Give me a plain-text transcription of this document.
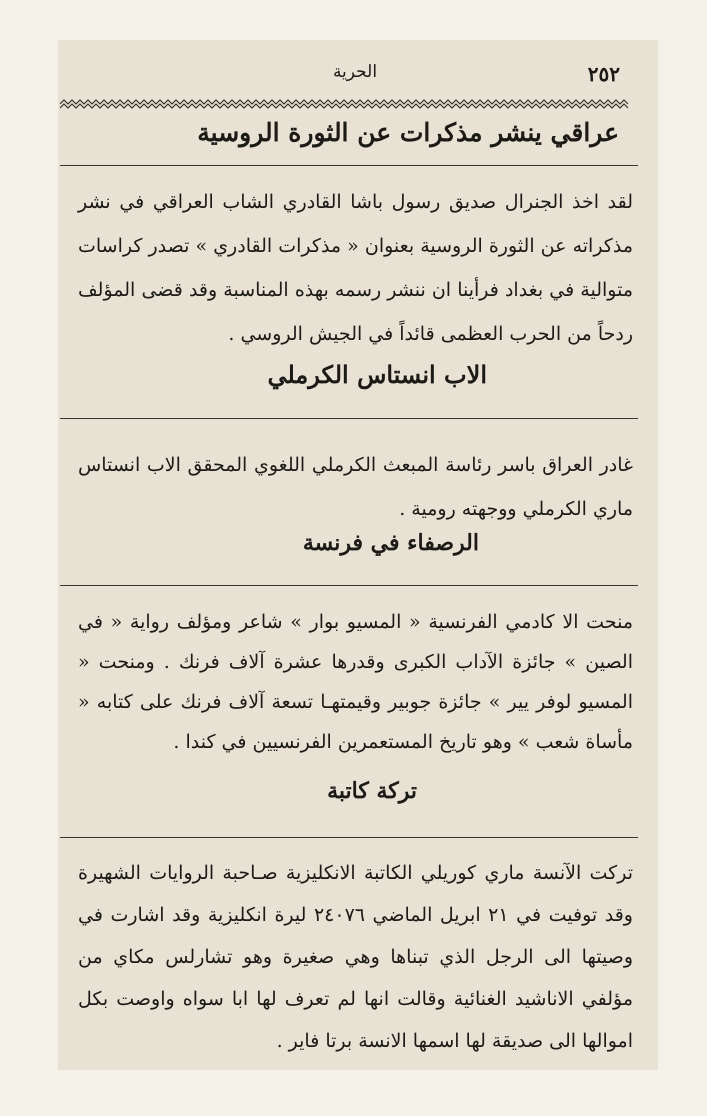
٢٥٢
الحرية
عراقي ينشر مذكرات عن الثورة الروسية
لقد اخذ الجنرال صديق رسول باشا القادري الشاب العراقي في نشر مذكراته عن الثورة الروسية بعنوان « مذكرات القادري » تصدر كراسات متوالية في بغداد فرأينا ان ننشر رسمه بهذه المناسبة وقد قضى المؤلف ردحاً من الحرب العظمى قائداً في الجيش الروسي .
الاب انستاس الكرملي
غادر العراق باسر رئاسة المبعث الكرملي اللغوي المحقق الاب انستاس ماري الكرملي ووجهته رومية .
الرصفاء في فرنسة
منحت الا كادمي الفرنسية « المسيو بوار » شاعر ومؤلف رواية « في الصين » جائزة الآداب الكبرى وقدرها عشرة آلاف فرنك . ومنحت « المسيو لوفر يير » جائزة جوبير وقيمتهـا تسعة آلاف فرنك على كتابه « مأساة شعب » وهو تاريخ المستعمرين الفرنسيين في كندا .
تركة كاتبة
تركت الآنسة ماري كوريلي الكاتبة الانكليزية صـاحبة الروايات الشهيرة وقد توفيت في ٢١ ابريل الماضي ٢٤٠٧٦ ليرة انكليزية وقد اشارت في وصيتها الى الرجل الذي تبناها وهي صغيرة وهو تشارلس مكاي من مؤلفي الاناشيد الغنائية وقالت انها لم تعرف لها ابا سواه واوصت بكل اموالها الى صديقة لها اسمها الانسة برتا فاير .
